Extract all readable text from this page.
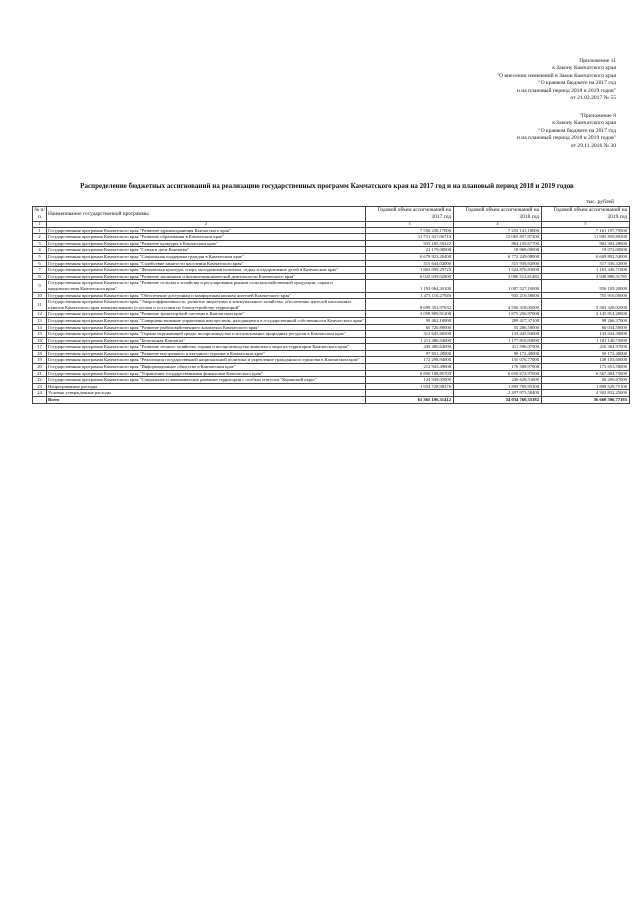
Приложение 11
к Закону Камчатского края
"О внесении изменений в Закон Камчатского края
"О краевом бюджете на 2017 год
и на плановый период 2018 и 2019 годов"
от 21.02.2017 № 55
"Приложение 8
к Закону Камчатского края
"О краевом бюджете на 2017 год
и на плановый период 2018 и 2019 годов"
от 29.11.2016 № 30
Распределение бюджетных ассигнований на реализацию государственных программ Камчатского края на 2017 год и на плановый период 2018 и 2019 годов
тыс. рублей
№ п/п	Наименование государственной программы	Годовой объем ассигнований на 2017 год	Годовой объем ассигнований на 2018 год	Годовой объем ассигнований на 2019 год
1	2	3	4	5
1	Государственная программа Камчатского края "Развитие здравоохранения Камчатского края"	7 556 238,17000	7 253 141,18000	7 161 197,79000
2	Государственная программа Камчатского края "Развитие образования в Камчатском крае"	11 751 437,06713	12 065 857,97200	11 905 859,89300
3	Государственная программа Камчатского края "Развитие культуры в Камчатском крае"	933 185,59222	864 150,67700	902 302,28000
4	Государственная программа Камчатского края "Семья и дети Камчатки"	21 179,00000	18 968,00000	19 072,00000
5	Государственная программа Камчатского края "Социальная поддержка граждан в Камчатском крае"	6 679 923,20400	6 772 249,08000	6 609 892,54000
6	Государственная программа Камчатского края "Содействие занятости населения Камчатского края"	515 644,02000	515 939,92000	517 336,32000
7	Государственная программа Камчатского края "Физическая культура, спорт, молодежная политика, отдых и оздоровление детей в Камчатском крае"	1 863 099,29725	1 324 876,83000	1 163 446,71000
8	Государственная программа Камчатского края "Развитие экономики и внешнеэкономической деятельности Камчатского края"	6 025 039,02800	3 086 512,61482	3 948 888,51785
9	Государственная программа Камчатского края "Развитие сельского хозяйства и регулирование рынков сельскохозяйственной продукции, сырья и продовольствия Камчатского края"	1 193 064,30100	1 007 527,10000	956 109,20000
10	Государственная программа Камчатского края "Обеспечение доступным и комфортным жильем жителей Камчатского края"	1 473 110,27949	935 219,58600	755 916,00000
11	Государственная программа Камчатского края "Энергоэффективность, развитие энергетики и коммунального хозяйства, обеспечение жителей населенных пунктов Камчатского края коммунальными услугами и услугами по благоустройству территорий"	8 699 352,97632	4 556 318,05000	5 503 328,02000
12	Государственная программа Камчатского края "Развитие транспортной системы в Камчатском крае"	3 058 809,91200	1 875 256,97000	2 145 914,28000
13	Государственная программа Камчатского края "Совершенствование управления имуществом, находящимся в государственной собственности Камчатского края"	99 462,10000	289 417,37100	98 266,37000
14	Государственная программа Камчатского края "Развитие рыбохозяйственного комплекса Камчатского края"	65 720,80000	55 286,50000	60 034,50000
15	Государственная программа Камчатского края "Охрана окружающей среды, воспроизводство и использование природных ресурсов в Камчатском крае"	313 645,60500	133 445,94000	133 434,39000
16	Государственная программа Камчатского края "Безопасная Камчатка"	1 211 486,54000	1 177 810,03000	1 181 140,73000
17	Государственная программа Камчатского края "Развитие лесного хозяйства, охрана и воспроизводство животного мира на территории Камчатского края"	449 480,64000	411 596,07000	416 364,97000
18	Государственная программа Камчатского края "Развитие внутреннего и въездного туризма в Камчатском крае"	97 831,28000	90 172,40000	50 172,40000
19	Государственная программа Камчатского края "Реализация государственной национальной политики и укрепление гражданского единства в Камчатском крае"	172 298,94000	135 076,77000	138 103,60000
20	Государственная программа Камчатского края "Информационное общество в Камчатском крае"	212 943,49000	176 588,97000	173 653,58000
21	Государственная программа Камчатского края "Управление государственными финансами Камчатского края"	6 850 188,85705	6 650 672,97000	6 567 494,75000
22	Государственная программа Камчатского края "Социальное и экономическое развитие территории с особым статусом "Корякский округ"	124 938,05000	236 628,51600	56 299,67000
23	Непрограммные расходы	1 954 728,98276	1 895 769,95300	1 898 529,75100
24	Условно утвержденные расходы		2 497 975,58400	4 302 832,25000
	Всего	61 365 196,31412	54 034 760,35382	56 660 596,77185
